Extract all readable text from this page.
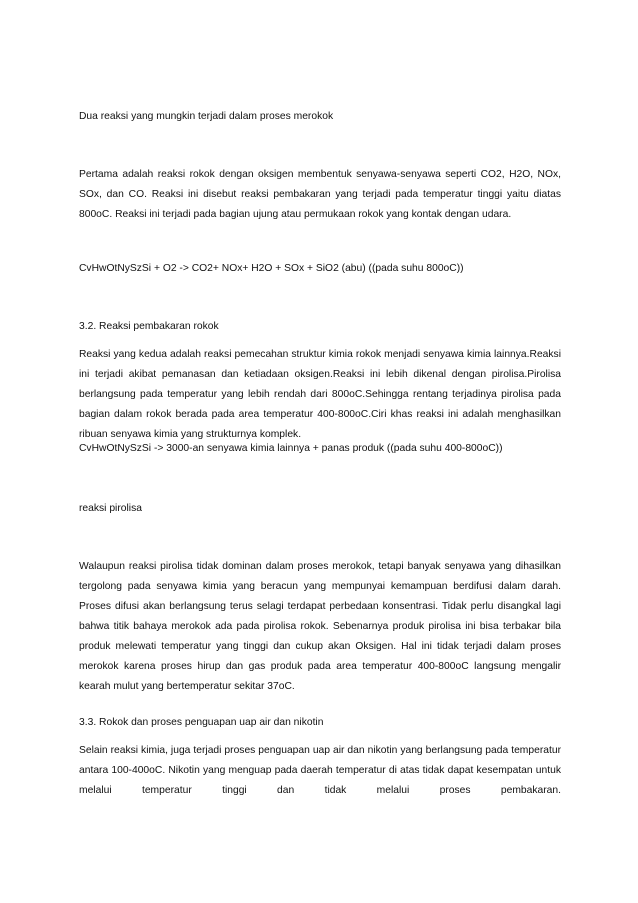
Dua reaksi yang mungkin terjadi dalam proses merokok

Pertama adalah reaksi rokok dengan oksigen membentuk senyawa-senyawa seperti CO2, H2O, NOx, SOx, dan CO. Reaksi ini disebut reaksi pembakaran yang terjadi pada temperatur tinggi yaitu diatas 800oC. Reaksi ini terjadi pada bagian ujung atau permukaan rokok yang kontak dengan udara.

CvHwOtNySzSi + O2 -> CO2+ NOx+ H2O + SOx + SiO2 (abu) ((pada suhu 800oC))

3.2. Reaksi pembakaran rokok

Reaksi yang kedua adalah reaksi pemecahan struktur kimia rokok menjadi senyawa kimia lainnya.Reaksi ini terjadi akibat pemanasan dan ketiadaan oksigen.Reaksi ini lebih dikenal dengan pirolisa.Pirolisa berlangsung pada temperatur yang lebih rendah dari 800oC.Sehingga rentang terjadinya pirolisa pada bagian dalam rokok berada pada area temperatur 400-800oC.Ciri khas reaksi ini adalah menghasilkan ribuan senyawa kimia yang strukturnya komplek.

CvHwOtNySzSi -> 3000-an senyawa kimia lainnya + panas produk ((pada suhu 400-800oC))

reaksi pirolisa

Walaupun reaksi pirolisa tidak dominan dalam proses merokok, tetapi banyak senyawa yang dihasilkan tergolong pada senyawa kimia yang beracun yang mempunyai kemampuan berdifusi dalam darah. Proses difusi akan berlangsung terus selagi terdapat perbedaan konsentrasi. Tidak perlu disangkal lagi bahwa titik bahaya merokok ada pada pirolisa rokok. Sebenarnya produk pirolisa ini bisa terbakar bila produk melewati temperatur yang tinggi dan cukup akan Oksigen. Hal ini tidak terjadi dalam proses merokok karena proses hirup dan gas produk pada area temperatur 400-800oC langsung mengalir kearah mulut yang bertemperatur sekitar 37oC.

3.3. Rokok dan proses penguapan uap air dan nikotin

Selain reaksi kimia, juga terjadi proses penguapan uap air dan nikotin yang berlangsung pada temperatur antara 100-400oC. Nikotin yang menguap pada daerah temperatur di atas tidak dapat kesempatan untuk melalui temperatur tinggi dan tidak melalui proses pembakaran.
